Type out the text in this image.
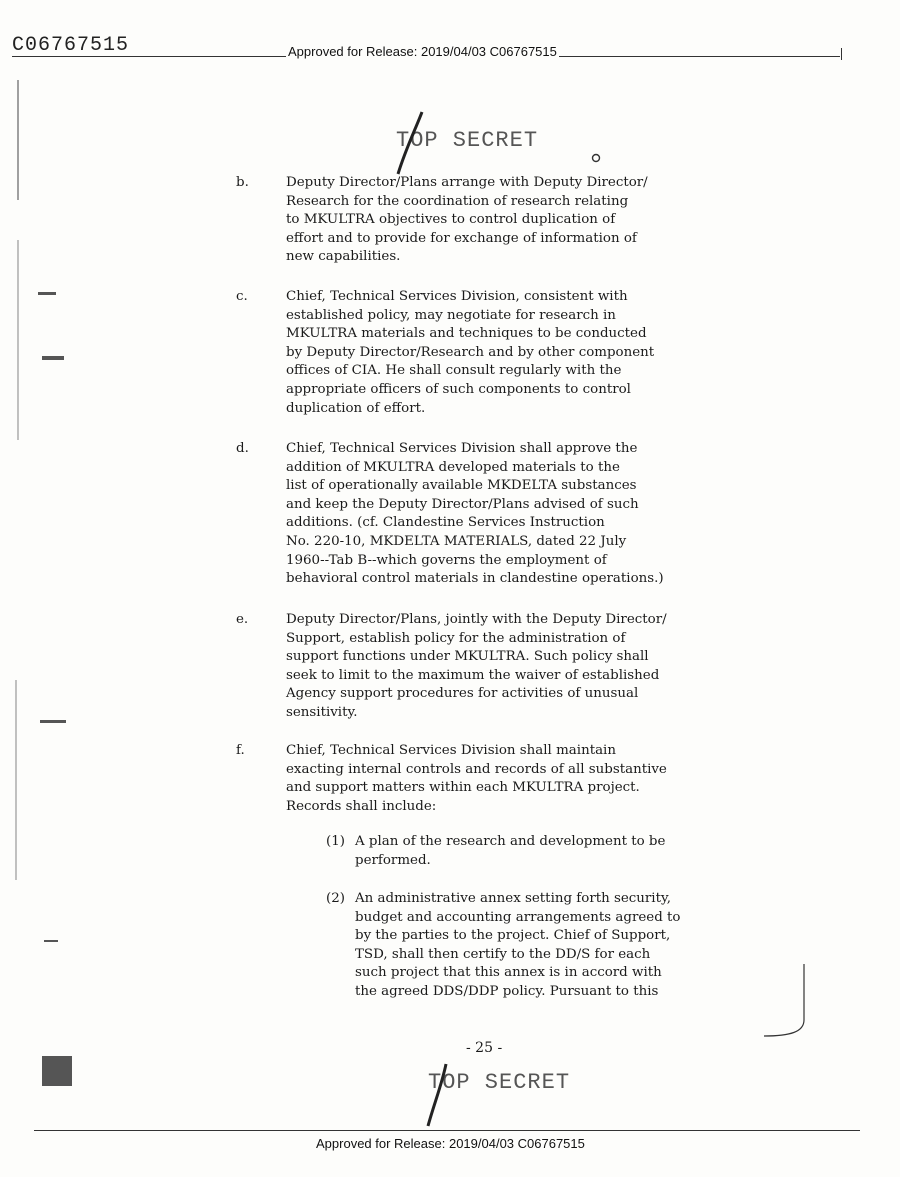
C06767515	Approved for Release: 2019/04/03 C06767515
TOP SECRET
b.	Deputy Director/Plans arrange with Deputy Director/
Research for the coordination of research relating
to MKULTRA objectives to control duplication of
effort and to provide for exchange of information of
new capabilities.
c.	Chief, Technical Services Division, consistent with
established policy, may negotiate for research in
MKULTRA materials and techniques to be conducted
by Deputy Director/Research and by other component
offices of CIA. He shall consult regularly with the
appropriate officers of such components to control
duplication of effort.
d.	Chief, Technical Services Division shall approve the
addition of MKULTRA developed materials to the
list of operationally available MKDELTA substances
and keep the Deputy Director/Plans advised of such
additions. (cf. Clandestine Services Instruction
No. 220-10, MKDELTA MATERIALS, dated 22 July
1960--Tab B--which governs the employment of
behavioral control materials in clandestine operations.)
e.	Deputy Director/Plans, jointly with the Deputy Director/
Support, establish policy for the administration of
support functions under MKULTRA. Such policy shall
seek to limit to the maximum the waiver of established
Agency support procedures for activities of unusual
sensitivity.
f.	Chief, Technical Services Division shall maintain
exacting internal controls and records of all substantive
and support matters within each MKULTRA project.
Records shall include:
(1) A plan of the research and development to be
performed.
(2) An administrative annex setting forth security,
budget and accounting arrangements agreed to
by the parties to the project. Chief of Support,
TSD, shall then certify to the DD/S for each
such project that this annex is in accord with
the agreed DDS/DDP policy. Pursuant to this
- 25 -
TOP SECRET
Approved for Release: 2019/04/03 C06767515
